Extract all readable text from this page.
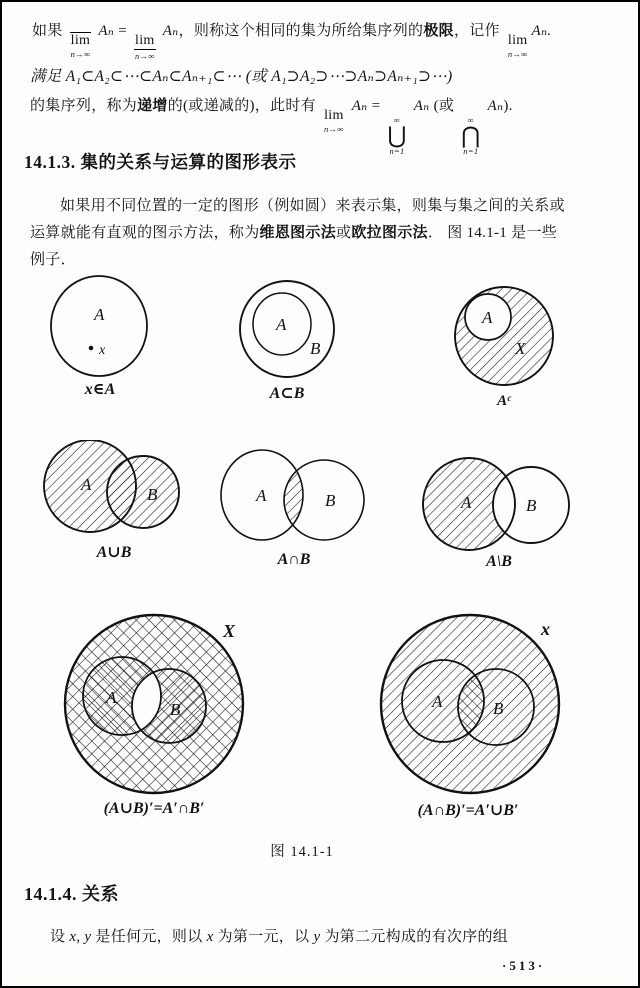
如果
lim
n→∞
Aₙ =
lim
n→∞
Aₙ，则称这个相同的集为所给集序列的极限，记作
lim
n→∞
Aₙ.
满足 A₁⊂A₂⊂⋯⊂Aₙ⊂Aₙ₊₁⊂⋯ (或 A₁⊃A₂⊃⋯⊃Aₙ⊃Aₙ₊₁⊃⋯)
的集序列，称为递增的(或递减的)，此时有
lim
n→∞
Aₙ =
∞
⋃
n=1
Aₙ (或
∞
⋂
n=1
Aₙ).
14.1.3. 集的关系与运算的图形表示
如果用不同位置的一定的图形（例如圆）来表示集，则集与集之间的关系或
运算就能有直观的图示方法，称为维恩图示法或欧拉图示法． 图 14.1-1 是一些
例子．
A
x
x∈A
A
B
A⊂B
A
X
Aᶜ
A
B
A∪B
A	B
A∩B
A	B
A\B
A
B
X
(A∪B)′=A′∩B′
A	B
x
(A∩B)′=A′∪B′
图 14.1-1
14.1.4. 关系
设 x, y 是任何元，则以 x 为第一元，以 y 为第二元构成的有次序的组
·513·
